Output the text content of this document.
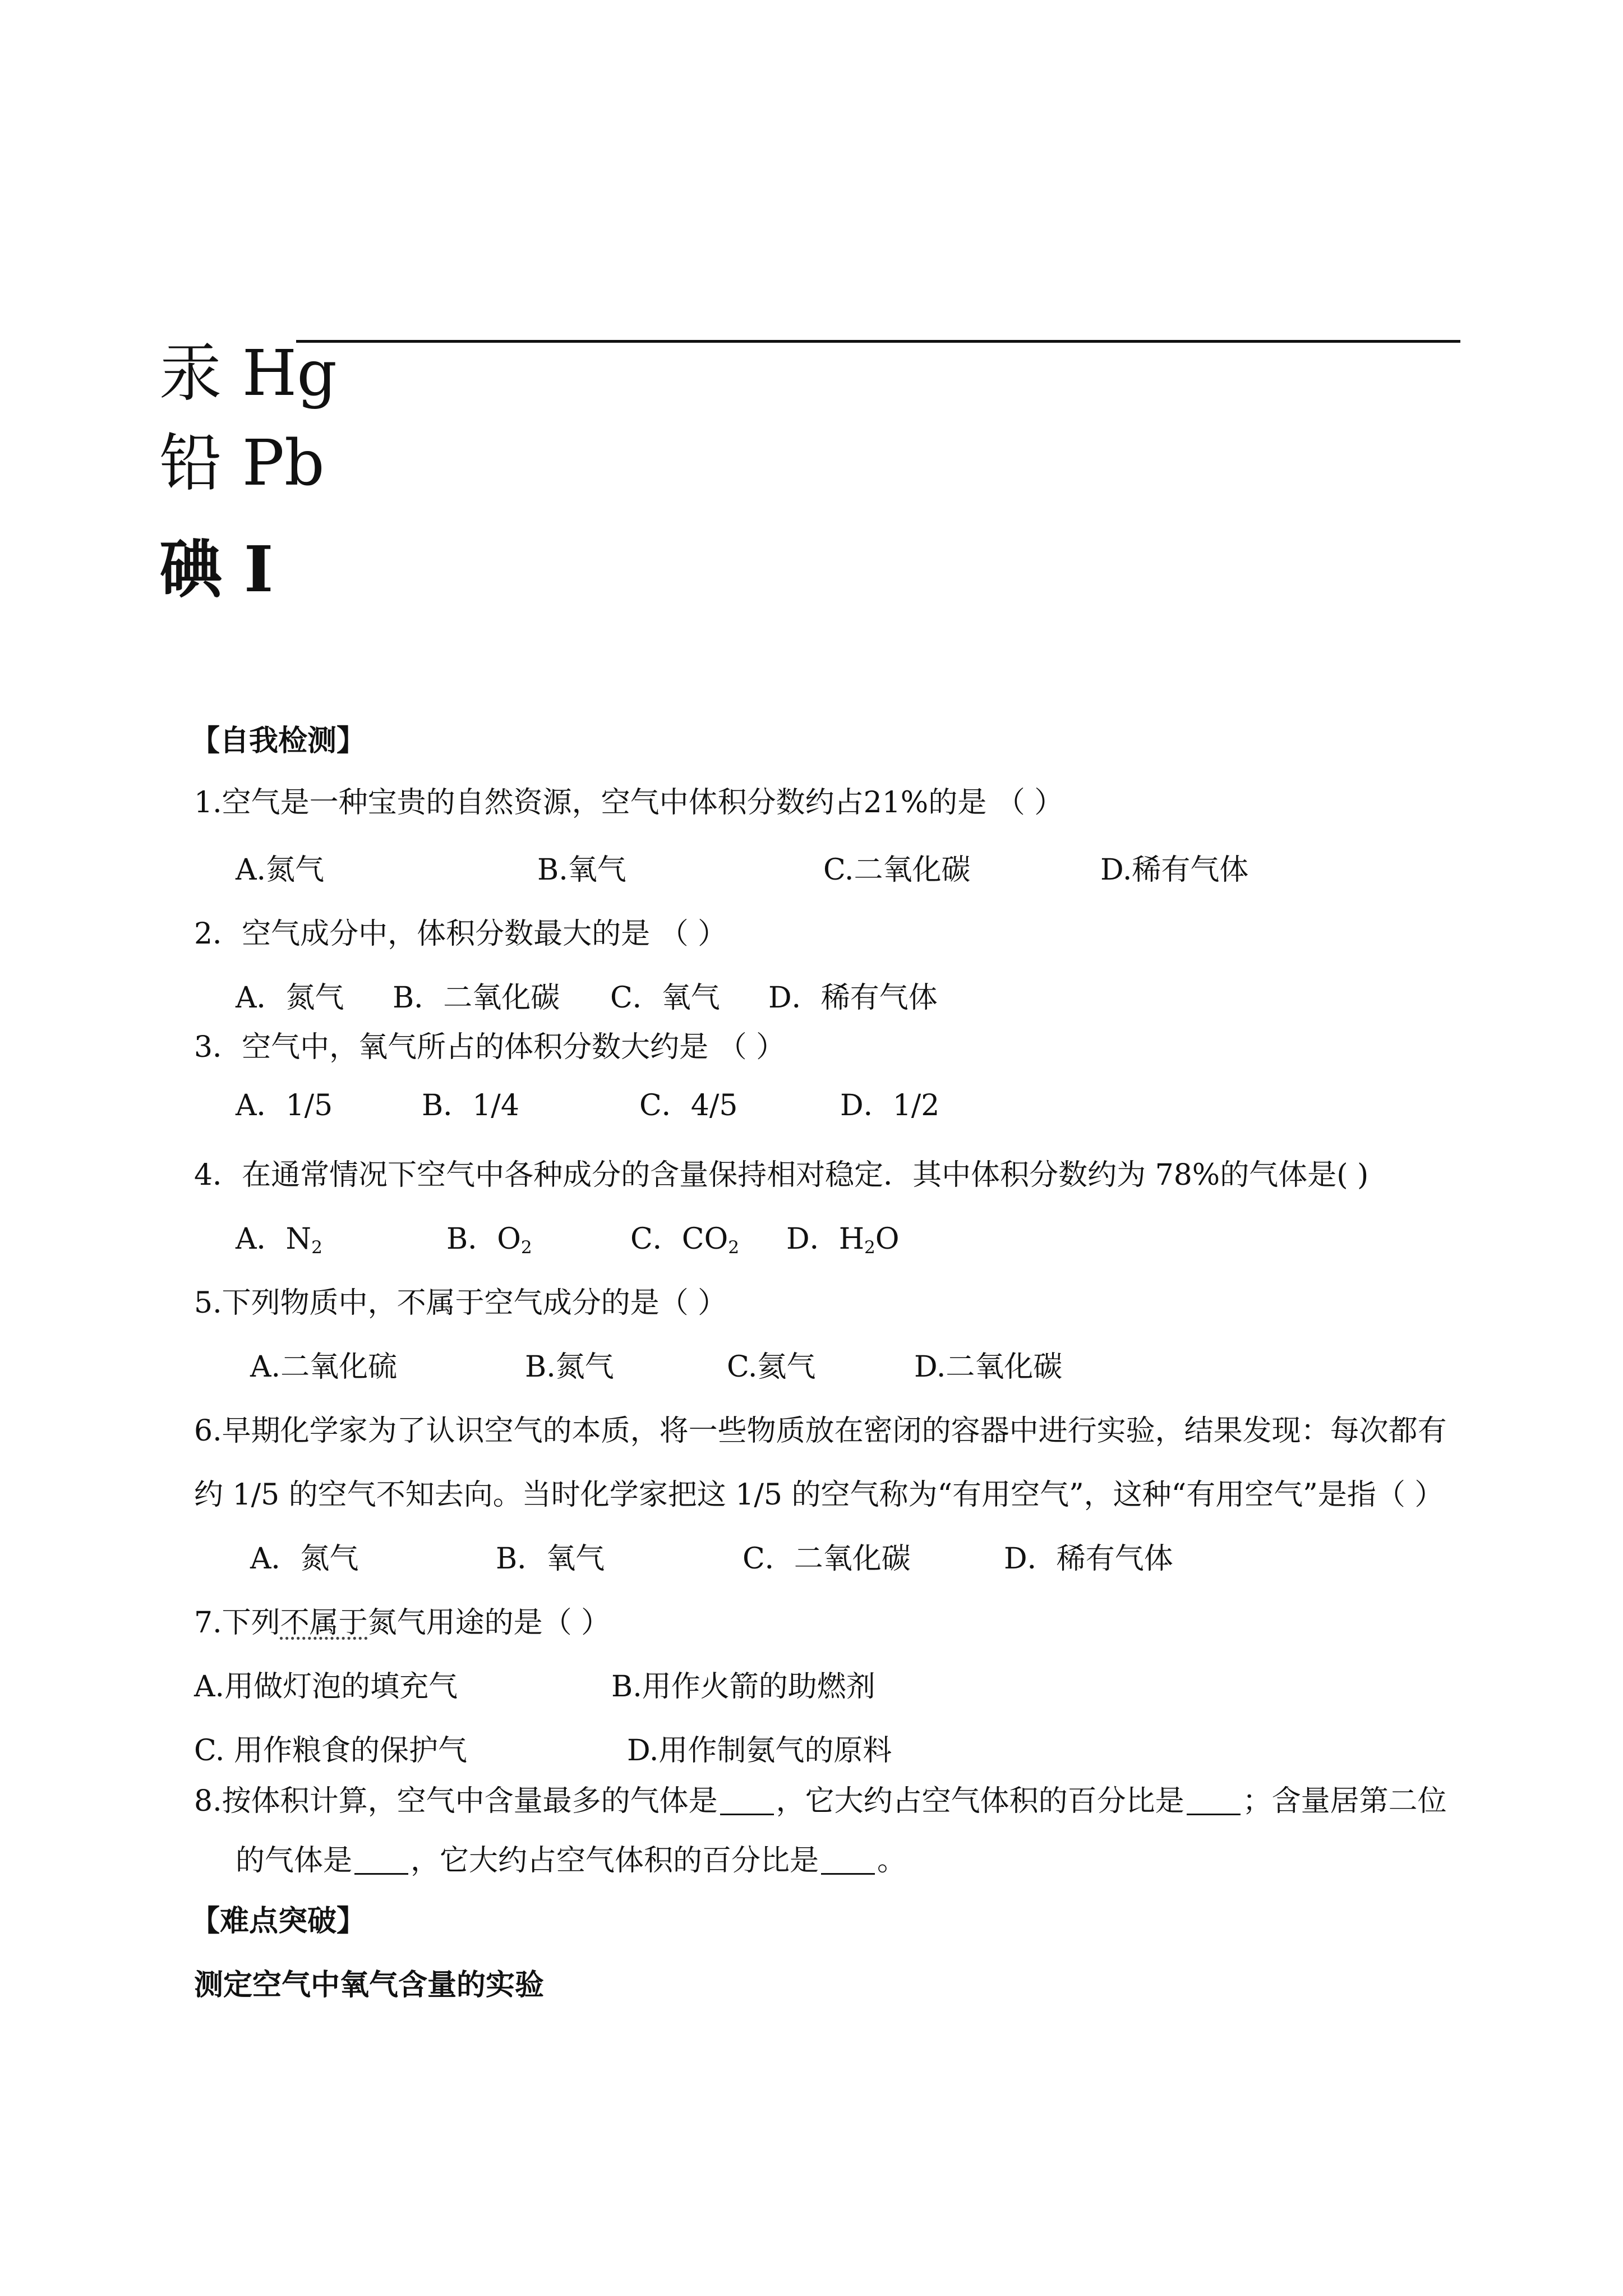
汞 Hg
铅 Pb
碘 I
【自我检测】
1.空气是一种宝贵的自然资源，空气中体积分数约占21%的是 （ ）
A.氮气	B.氧气	C.二氧化碳	D.稀有气体
2．空气成分中，体积分数最大的是 （ ）
A．氮气 B．二氧化碳 C．氧气 D．稀有气体
3．空气中，氧气所占的体积分数大约是 （ ）
A．1/5	B．1/4	C．4/5	D．1/2
4．在通常情况下空气中各种成分的含量保持相对稳定．其中体积分数约为 78%的气体是( )
A．$N_2$	B．$O_2$	C．$CO_2$ D．$H_2O$
5.下列物质中，不属于空气成分的是（ ）
A.二氧化硫	B.氮气	C.氦气	D.二氧化碳
6.早期化学家为了认识空气的本质，将一些物质放在密闭的容器中进行实验，结果发现：每次都有
约 1/5 的空气不知去向。当时化学家把这 1/5 的空气称为“有用空气”，这种“有用空气”是指（ ）
A．氮气	B．氧气	C．二氧化碳	D．稀有气体
7.下列不属于氮气用途的是（ ）
A.用做灯泡的填充气	B.用作火箭的助燃剂
C. 用作粮食的保护气	D.用作制氨气的原料
8.按体积计算，空气中含量最多的气体是 ，它大约占空气体积的百分比是 ；含量居第二位
的气体是 ，它大约占空气体积的百分比是 。
【难点突破】
测定空气中氧气含量的实验
